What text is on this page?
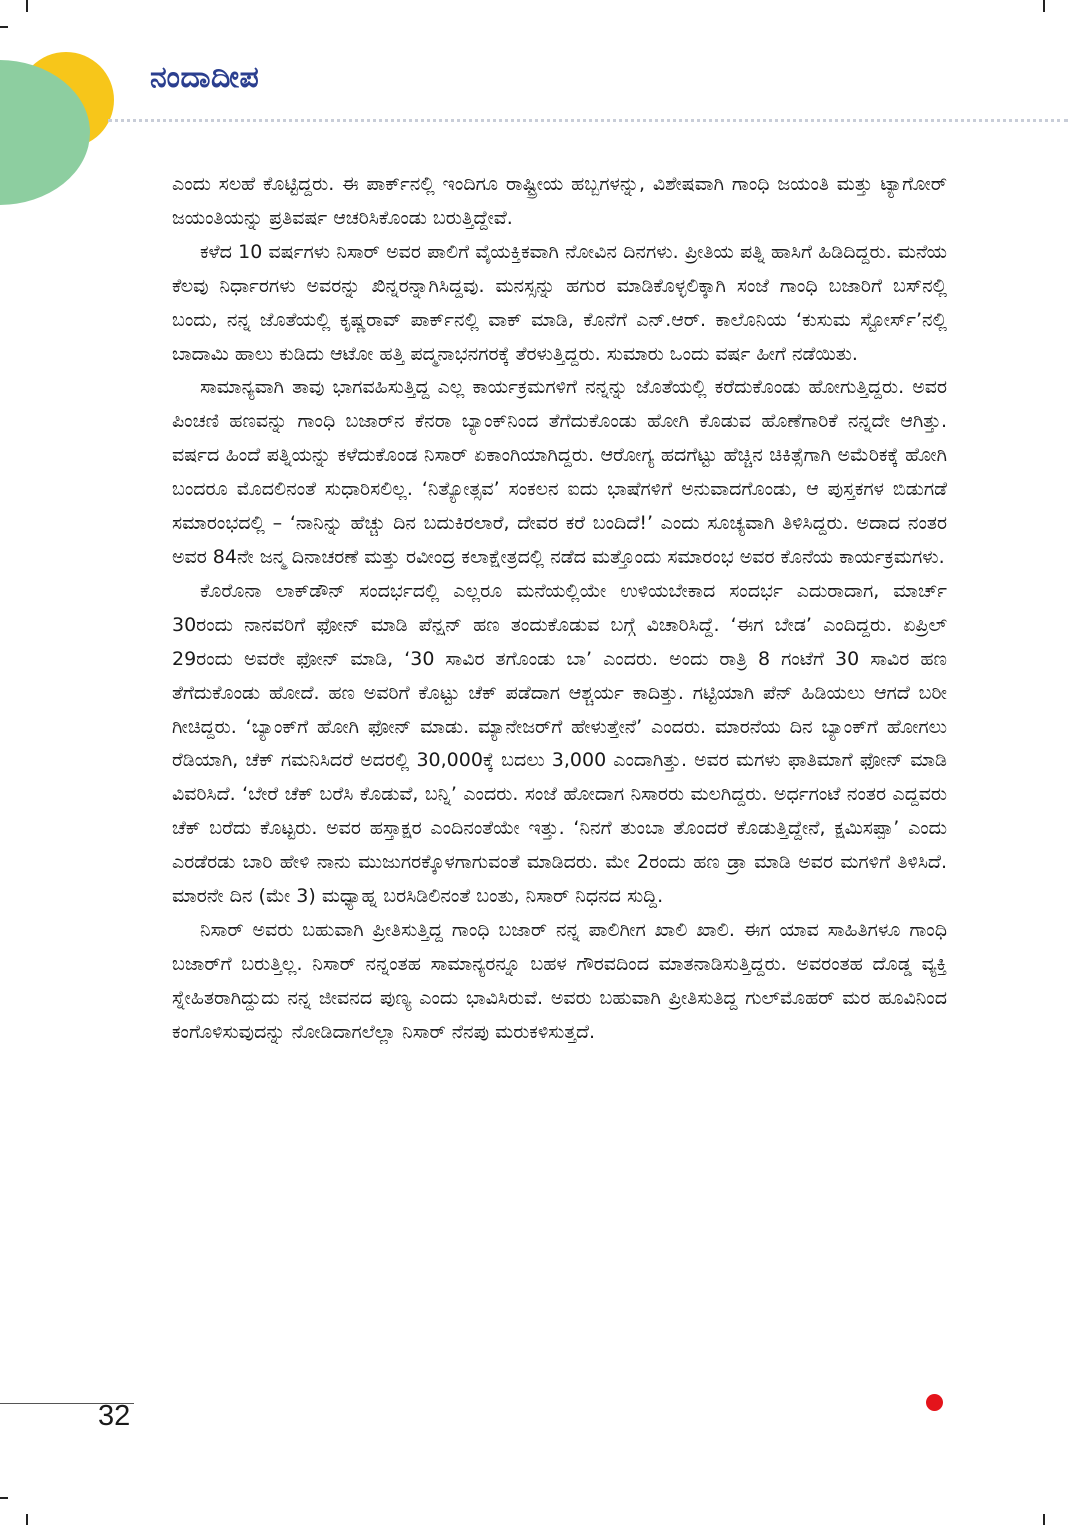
ನಂದಾದೀಪ

ಎಂದು ಸಲಹೆ ಕೊಟ್ಟಿದ್ದರು. ಈ ಪಾರ್ಕ್‌ನಲ್ಲಿ ಇಂದಿಗೂ ರಾಷ್ಟ್ರೀಯ ಹಬ್ಬಗಳನ್ನು, ವಿಶೇಷವಾಗಿ ಗಾಂಧಿ ಜಯಂತಿ ಮತ್ತು ಟ್ಯಾಗೋರ್ ಜಯಂತಿಯನ್ನು ಪ್ರತಿವರ್ಷ ಆಚರಿಸಿಕೊಂಡು ಬರುತ್ತಿದ್ದೇವೆ.

ಕಳೆದ 10 ವರ್ಷಗಳು ನಿಸಾರ್ ಅವರ ಪಾಲಿಗೆ ವೈಯಕ್ತಿಕವಾಗಿ ನೋವಿನ ದಿನಗಳು. ಪ್ರೀತಿಯ ಪತ್ನಿ ಹಾಸಿಗೆ ಹಿಡಿದಿದ್ದರು. ಮನೆಯ ಕೆಲವು ನಿರ್ಧಾರಗಳು ಅವರನ್ನು ಖಿನ್ನರನ್ನಾಗಿಸಿದ್ದವು. ಮನಸ್ಸನ್ನು ಹಗುರ ಮಾಡಿಕೊಳ್ಳಲಿಕ್ಕಾಗಿ ಸಂಜೆ ಗಾಂಧಿ ಬಜಾರಿಗೆ ಬಸ್‌ನಲ್ಲಿ ಬಂದು, ನನ್ನ ಜೊತೆಯಲ್ಲಿ ಕೃಷ್ಣರಾವ್ ಪಾರ್ಕ್‌ನಲ್ಲಿ ವಾಕ್ ಮಾಡಿ, ಕೊನೆಗೆ ಎನ್.ಆರ್. ಕಾಲೊನಿಯ ‘ಕುಸುಮ ಸ್ಟೋರ್ಸ್’ನಲ್ಲಿ ಬಾದಾಮಿ ಹಾಲು ಕುಡಿದು ಆಟೋ ಹತ್ತಿ ಪದ್ಮನಾಭನಗರಕ್ಕೆ ತೆರಳುತ್ತಿದ್ದರು. ಸುಮಾರು ಒಂದು ವರ್ಷ ಹೀಗೆ ನಡೆಯಿತು.

ಸಾಮಾನ್ಯವಾಗಿ ತಾವು ಭಾಗವಹಿಸುತ್ತಿದ್ದ ಎಲ್ಲ ಕಾರ್ಯಕ್ರಮಗಳಿಗೆ ನನ್ನನ್ನು ಜೊತೆಯಲ್ಲಿ ಕರೆದುಕೊಂಡು ಹೋಗುತ್ತಿದ್ದರು. ಅವರ ಪಿಂಚಣಿ ಹಣವನ್ನು ಗಾಂಧಿ ಬಜಾರ್‌ನ ಕೆನರಾ ಬ್ಯಾಂಕ್‌ನಿಂದ ತೆಗೆದುಕೊಂಡು ಹೋಗಿ ಕೊಡುವ ಹೊಣೆಗಾರಿಕೆ ನನ್ನದೇ ಆಗಿತ್ತು. ವರ್ಷದ ಹಿಂದೆ ಪತ್ನಿಯನ್ನು ಕಳೆದುಕೊಂಡ ನಿಸಾರ್ ಏಕಾಂಗಿಯಾಗಿದ್ದರು. ಆರೋಗ್ಯ ಹದಗೆಟ್ಟು ಹೆಚ್ಚಿನ ಚಿಕಿತ್ಸೆಗಾಗಿ ಅಮೆರಿಕಕ್ಕೆ ಹೋಗಿ ಬಂದರೂ ಮೊದಲಿನಂತೆ ಸುಧಾರಿಸಲಿಲ್ಲ. ‘ನಿತ್ಯೋತ್ಸವ’ ಸಂಕಲನ ಐದು ಭಾಷೆಗಳಿಗೆ ಅನುವಾದಗೊಂಡು, ಆ ಪುಸ್ತಕಗಳ ಬಿಡುಗಡೆ ಸಮಾರಂಭದಲ್ಲಿ – ‘ನಾನಿನ್ನು ಹೆಚ್ಚು ದಿನ ಬದುಕಿರಲಾರೆ, ದೇವರ ಕರೆ ಬಂದಿದೆ!’ ಎಂದು ಸೂಚ್ಯವಾಗಿ ತಿಳಿಸಿದ್ದರು. ಅದಾದ ನಂತರ ಅವರ 84ನೇ ಜನ್ಮ ದಿನಾಚರಣೆ ಮತ್ತು ರವೀಂದ್ರ ಕಲಾಕ್ಷೇತ್ರದಲ್ಲಿ ನಡೆದ ಮತ್ತೊಂದು ಸಮಾರಂಭ ಅವರ ಕೊನೆಯ ಕಾರ್ಯಕ್ರಮಗಳು.

ಕೊರೊನಾ ಲಾಕ್‌ಡೌನ್ ಸಂದರ್ಭದಲ್ಲಿ ಎಲ್ಲರೂ ಮನೆಯಲ್ಲಿಯೇ ಉಳಿಯಬೇಕಾದ ಸಂದರ್ಭ ಎದುರಾದಾಗ, ಮಾರ್ಚ್ 30ರಂದು ನಾನವರಿಗೆ ಫೋನ್ ಮಾಡಿ ಪೆನ್ಷನ್ ಹಣ ತಂದುಕೊಡುವ ಬಗ್ಗೆ ವಿಚಾರಿಸಿದ್ದೆ. ‘ಈಗ ಬೇಡ’ ಎಂದಿದ್ದರು. ಏಪ್ರಿಲ್ 29ರಂದು ಅವರೇ ಫೋನ್ ಮಾಡಿ, ‘30 ಸಾವಿರ ತಗೊಂಡು ಬಾ’ ಎಂದರು. ಅಂದು ರಾತ್ರಿ 8 ಗಂಟೆಗೆ 30 ಸಾವಿರ ಹಣ ತೆಗೆದುಕೊಂಡು ಹೋದೆ. ಹಣ ಅವರಿಗೆ ಕೊಟ್ಟು ಚೆಕ್ ಪಡೆದಾಗ ಆಶ್ಚರ್ಯ ಕಾದಿತ್ತು. ಗಟ್ಟಿಯಾಗಿ ಪೆನ್ ಹಿಡಿಯಲು ಆಗದೆ ಬರೀ ಗೀಚಿದ್ದರು. ‘ಬ್ಯಾಂಕ್‌ಗೆ ಹೋಗಿ ಫೋನ್ ಮಾಡು. ಮ್ಯಾನೇಜರ್‌ಗೆ ಹೇಳುತ್ತೇನೆ’ ಎಂದರು. ಮಾರನೆಯ ದಿನ ಬ್ಯಾಂಕ್‌ಗೆ ಹೋಗಲು ರೆಡಿಯಾಗಿ, ಚೆಕ್ ಗಮನಿಸಿದರೆ ಅದರಲ್ಲಿ 30,000ಕ್ಕೆ ಬದಲು 3,000 ಎಂದಾಗಿತ್ತು. ಅವರ ಮಗಳು ಫಾತಿಮಾಗೆ ಫೋನ್ ಮಾಡಿ ವಿವರಿಸಿದೆ. ‘ಬೇರೆ ಚೆಕ್ ಬರೆಸಿ ಕೊಡುವೆ, ಬನ್ನಿ’ ಎಂದರು. ಸಂಜೆ ಹೋದಾಗ ನಿಸಾರರು ಮಲಗಿದ್ದರು. ಅರ್ಧಗಂಟೆ ನಂತರ ಎದ್ದವರು ಚೆಕ್ ಬರೆದು ಕೊಟ್ಟರು. ಅವರ ಹಸ್ತಾಕ್ಷರ ಎಂದಿನಂತೆಯೇ ಇತ್ತು. ‘ನಿನಗೆ ತುಂಬಾ ತೊಂದರೆ ಕೊಡುತ್ತಿದ್ದೇನೆ, ಕ್ಷಮಿಸಪ್ಪಾ’ ಎಂದು ಎರಡೆರಡು ಬಾರಿ ಹೇಳಿ ನಾನು ಮುಜುಗರಕ್ಕೊಳಗಾಗುವಂತೆ ಮಾಡಿದರು. ಮೇ 2ರಂದು ಹಣ ಡ್ರಾ ಮಾಡಿ ಅವರ ಮಗಳಿಗೆ ತಿಳಿಸಿದೆ. ಮಾರನೇ ದಿನ (ಮೇ 3) ಮಧ್ಯಾಹ್ನ ಬರಸಿಡಿಲಿನಂತೆ ಬಂತು, ನಿಸಾರ್ ನಿಧನದ ಸುದ್ದಿ.

ನಿಸಾರ್ ಅವರು ಬಹುವಾಗಿ ಪ್ರೀತಿಸುತ್ತಿದ್ದ ಗಾಂಧಿ ಬಜಾರ್ ನನ್ನ ಪಾಲಿಗೀಗ ಖಾಲಿ ಖಾಲಿ. ಈಗ ಯಾವ ಸಾಹಿತಿಗಳೂ ಗಾಂಧಿ ಬಜಾರ್‌ಗೆ ಬರುತ್ತಿಲ್ಲ. ನಿಸಾರ್ ನನ್ನಂತಹ ಸಾಮಾನ್ಯರನ್ನೂ ಬಹಳ ಗೌರವದಿಂದ ಮಾತನಾಡಿಸುತ್ತಿದ್ದರು. ಅವರಂತಹ ದೊಡ್ಡ ವ್ಯಕ್ತಿ ಸ್ನೇಹಿತರಾಗಿದ್ದುದು ನನ್ನ ಜೀವನದ ಪುಣ್ಯ ಎಂದು ಭಾವಿಸಿರುವೆ. ಅವರು ಬಹುವಾಗಿ ಪ್ರೀತಿಸುತಿದ್ದ ಗುಲ್‌ಮೊಹರ್ ಮರ ಹೂವಿನಿಂದ ಕಂಗೊಳಿಸುವುದನ್ನು ನೋಡಿದಾಗಲೆಲ್ಲಾ ನಿಸಾರ್ ನೆನಪು ಮರುಕಳಿಸುತ್ತದೆ.

32
